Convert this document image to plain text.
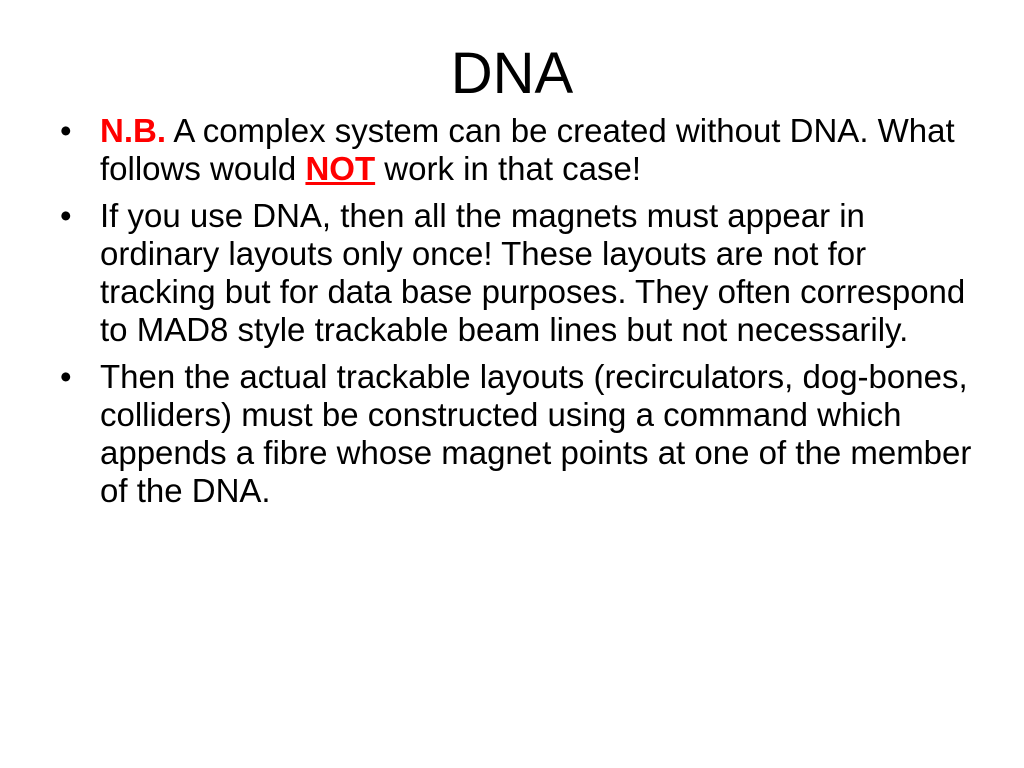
DNA
• N.B. A complex system can be created without DNA. What follows would NOT work in that case!
• If you use DNA, then all the magnets must appear in ordinary layouts only once! These layouts are not for tracking but for data base purposes. They often correspond to MAD8 style trackable beam lines but not necessarily.
• Then the actual trackable layouts (recirculators, dog-bones, colliders) must be constructed using a command which appends a fibre whose magnet points at one of the member of the DNA.
